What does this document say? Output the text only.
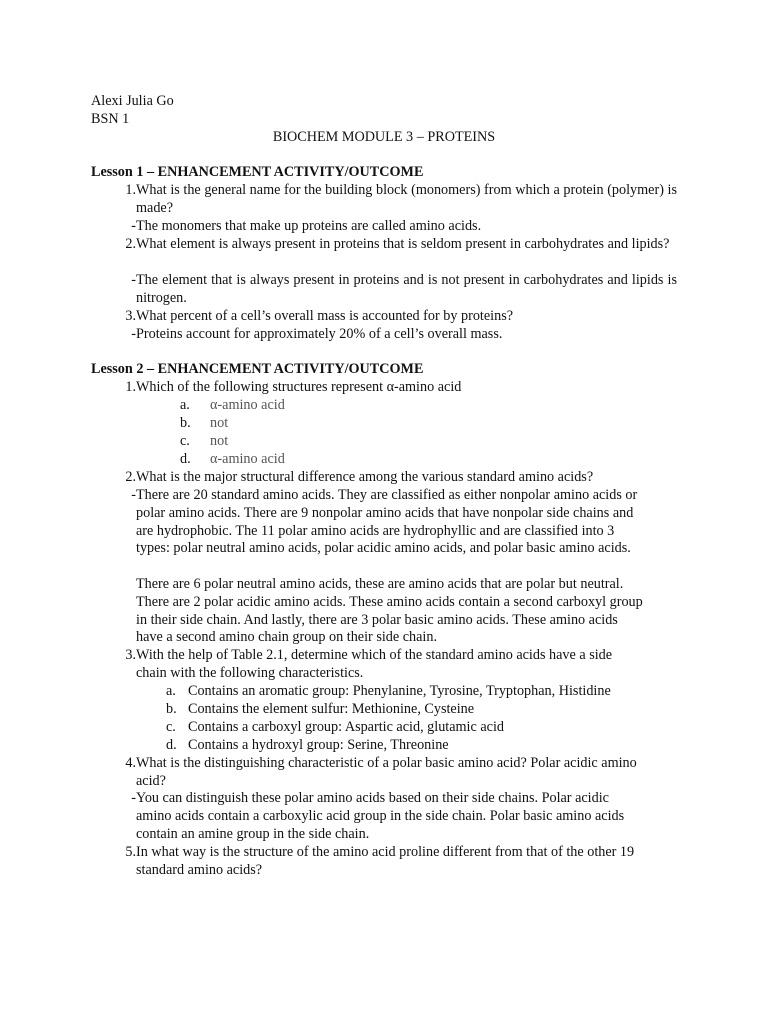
Alexi Julia Go
BSN 1
BIOCHEM MODULE 3 – PROTEINS
Lesson 1 – ENHANCEMENT ACTIVITY/OUTCOME
1. What is the general name for the building block (monomers) from which a protein (polymer) is made?
- The monomers that make up proteins are called amino acids.
2. What element is always present in proteins that is seldom present in carbohydrates and lipids?
- The element that is always present in proteins and is not present in carbohydrates and lipids is nitrogen.
3. What percent of a cell’s overall mass is accounted for by proteins?
- Proteins account for approximately 20% of a cell’s overall mass.
Lesson 2 – ENHANCEMENT ACTIVITY/OUTCOME
1. Which of the following structures represent α-amino acid
a. α-amino acid
b. not
c. not
d. α-amino acid
2. What is the major structural difference among the various standard amino acids?
- There are 20 standard amino acids. They are classified as either nonpolar amino acids or
polar amino acids. There are 9 nonpolar amino acids that have nonpolar side chains and
are hydrophobic. The 11 polar amino acids are hydrophyllic and are classified into 3
types: polar neutral amino acids, polar acidic amino acids, and polar basic amino acids.
There are 6 polar neutral amino acids, these are amino acids that are polar but neutral.
There are 2 polar acidic amino acids. These amino acids contain a second carboxyl group
in their side chain. And lastly, there are 3 polar basic amino acids. These amino acids
have a second amino chain group on their side chain.
3. With the help of Table 2.1, determine which of the standard amino acids have a side
chain with the following characteristics.
a. Contains an aromatic group: Phenylanine, Tyrosine, Tryptophan, Histidine
b. Contains the element sulfur: Methionine, Cysteine
c. Contains a carboxyl group: Aspartic acid, glutamic acid
d. Contains a hydroxyl group: Serine, Threonine
4. What is the distinguishing characteristic of a polar basic amino acid? Polar acidic amino
acid?
- You can distinguish these polar amino acids based on their side chains. Polar acidic
amino acids contain a carboxylic acid group in the side chain. Polar basic amino acids
contain an amine group in the side chain.
5. In what way is the structure of the amino acid proline different from that of the other 19
standard amino acids?
